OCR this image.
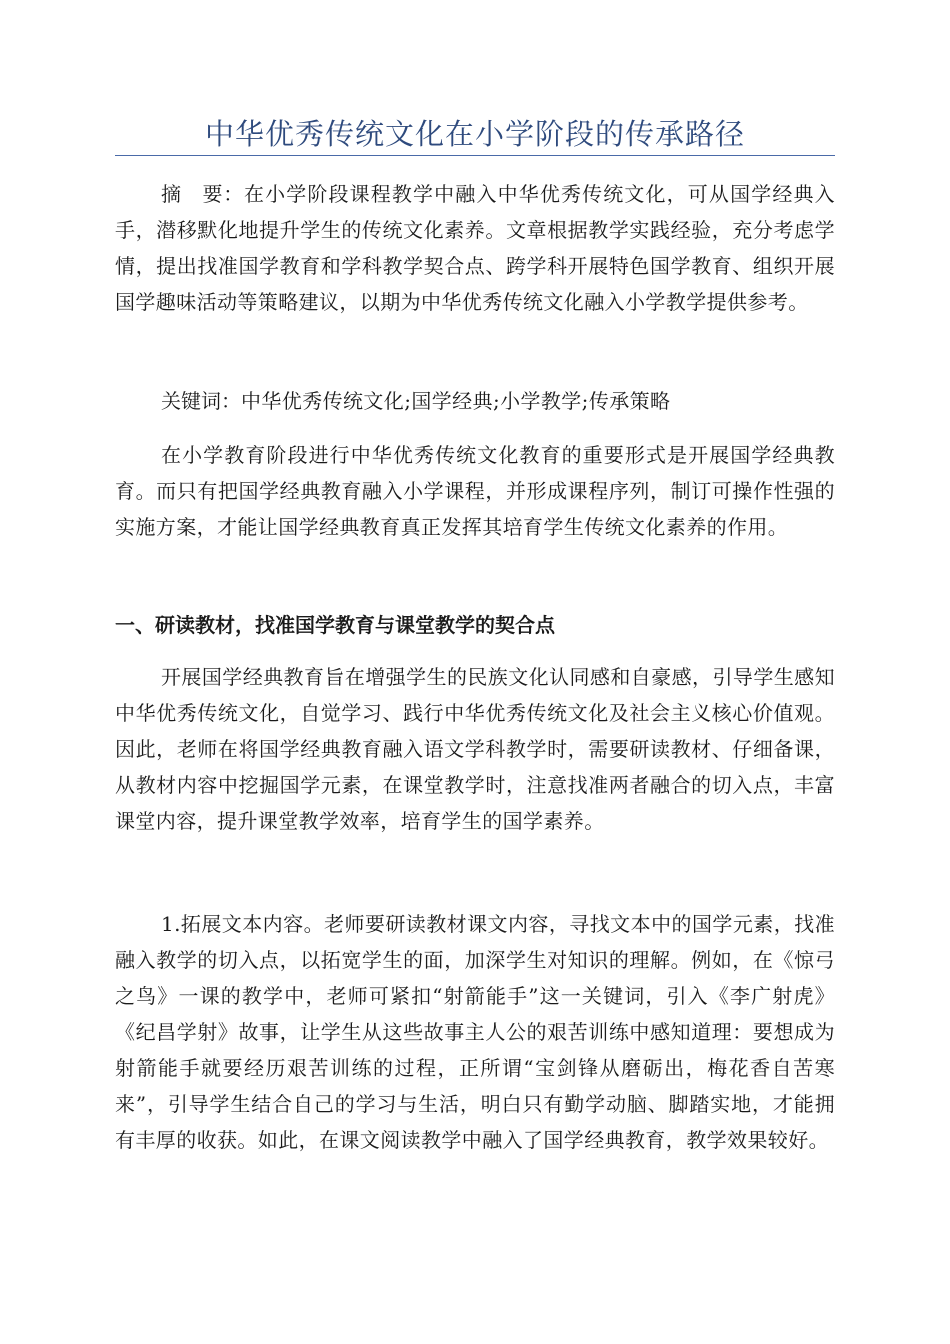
中华优秀传统文化在小学阶段的传承路径

摘　要：在小学阶段课程教学中融入中华优秀传统文化，可从国学经典入手，潜移默化地提升学生的传统文化素养。文章根据教学实践经验，充分考虑学情，提出找准国学教育和学科教学契合点、跨学科开展特色国学教育、组织开展国学趣味活动等策略建议，以期为中华优秀传统文化融入小学教学提供参考。

关键词：中华优秀传统文化;国学经典;小学教学;传承策略

在小学教育阶段进行中华优秀传统文化教育的重要形式是开展国学经典教育。而只有把国学经典教育融入小学课程，并形成课程序列，制订可操作性强的实施方案，才能让国学经典教育真正发挥其培育学生传统文化素养的作用。

一、研读教材，找准国学教育与课堂教学的契合点

开展国学经典教育旨在增强学生的民族文化认同感和自豪感，引导学生感知中华优秀传统文化，自觉学习、践行中华优秀传统文化及社会主义核心价值观。因此，老师在将国学经典教育融入语文学科教学时，需要研读教材、仔细备课，从教材内容中挖掘国学元素，在课堂教学时，注意找准两者融合的切入点，丰富课堂内容，提升课堂教学效率，培育学生的国学素养。

1.拓展文本内容。老师要研读教材课文内容，寻找文本中的国学元素，找准融入教学的切入点，以拓宽学生的面，加深学生对知识的理解。例如，在《惊弓之鸟》一课的教学中，老师可紧扣“射箭能手”这一关键词，引入《李广射虎》《纪昌学射》故事，让学生从这些故事主人公的艰苦训练中感知道理：要想成为射箭能手就要经历艰苦训练的过程，正所谓“宝剑锋从磨砺出，梅花香自苦寒来”，引导学生结合自己的学习与生活，明白只有勤学动脑、脚踏实地，才能拥有丰厚的收获。如此，在课文阅读教学中融入了国学经典教育，教学效果较好。
